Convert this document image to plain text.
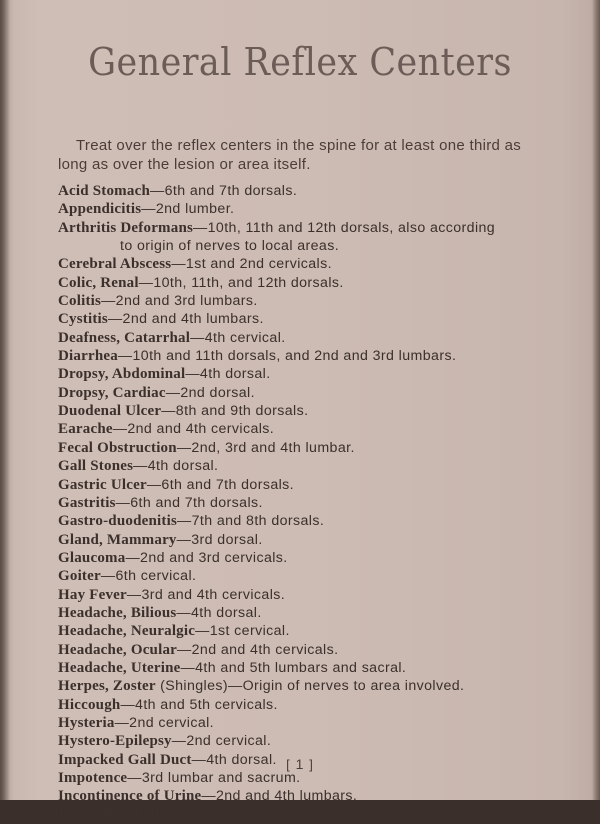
General Reflex Centers
Treat over the reflex centers in the spine for at least one third as long as over the lesion or area itself.
Acid Stomach—6th and 7th dorsals.
Appendicitis—2nd lumber.
Arthritis Deformans—10th, 11th and 12th dorsals, also according
to origin of nerves to local areas.
Cerebral Abscess—1st and 2nd cervicals.
Colic, Renal—10th, 11th, and 12th dorsals.
Colitis—2nd and 3rd lumbars.
Cystitis—2nd and 4th lumbars.
Deafness, Catarrhal—4th cervical.
Diarrhea—10th and 11th dorsals, and 2nd and 3rd lumbars.
Dropsy, Abdominal—4th dorsal.
Dropsy, Cardiac—2nd dorsal.
Duodenal Ulcer—8th and 9th dorsals.
Earache—2nd and 4th cervicals.
Fecal Obstruction—2nd, 3rd and 4th lumbar.
Gall Stones—4th dorsal.
Gastric Ulcer—6th and 7th dorsals.
Gastritis—6th and 7th dorsals.
Gastro-duodenitis—7th and 8th dorsals.
Gland, Mammary—3rd dorsal.
Glaucoma—2nd and 3rd cervicals.
Goiter—6th cervical.
Hay Fever—3rd and 4th cervicals.
Headache, Bilious—4th dorsal.
Headache, Neuralgic—1st cervical.
Headache, Ocular—2nd and 4th cervicals.
Headache, Uterine—4th and 5th lumbars and sacral.
Herpes, Zoster (Shingles)—Origin of nerves to area involved.
Hiccough—4th and 5th cervicals.
Hysteria—2nd cervical.
Hystero-Epilepsy—2nd cervical.
Impacked Gall Duct—4th dorsal.
Impotence—3rd lumbar and sacrum.
Incontinence of Urine—2nd and 4th lumbars.
Infantile Paralysis—3rd and 4th cervicals.
[ 1 ]
